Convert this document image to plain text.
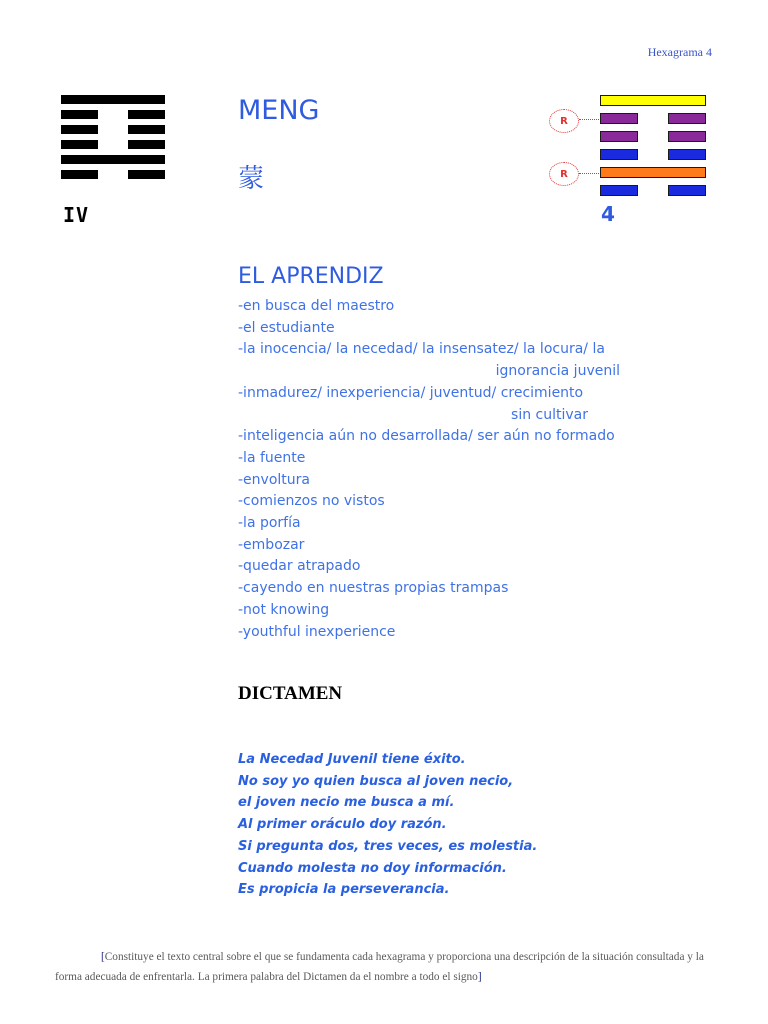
Hexagrama 4
IV
MENG
蒙
4
R
R
EL APRENDIZ
-en busca del maestro
-el estudiante
-la inocencia/ la necedad/ la insensatez/ la locura/ la
ignorancia juvenil
-inmadurez/ inexperiencia/ juventud/ crecimiento
sin cultivar
-inteligencia aún no desarrollada/ ser aún no formado
-la fuente
-envoltura
-comienzos no vistos
-la porfía
-embozar
-quedar atrapado
-cayendo en nuestras propias trampas
-not knowing
-youthful inexperience
DICTAMEN
La Necedad Juvenil tiene éxito.
No soy yo quien busca al joven necio,
el joven necio me busca a mí.
Al primer oráculo doy razón.
Si pregunta dos, tres veces, es molestia.
Cuando molesta no doy información.
Es propicia la perseverancia.
[Constituye el texto central sobre el que se fundamenta cada hexagrama y proporciona una descripción de la situación consultada y la forma adecuada de enfrentarla. La primera palabra del Dictamen da el nombre a todo el signo]
